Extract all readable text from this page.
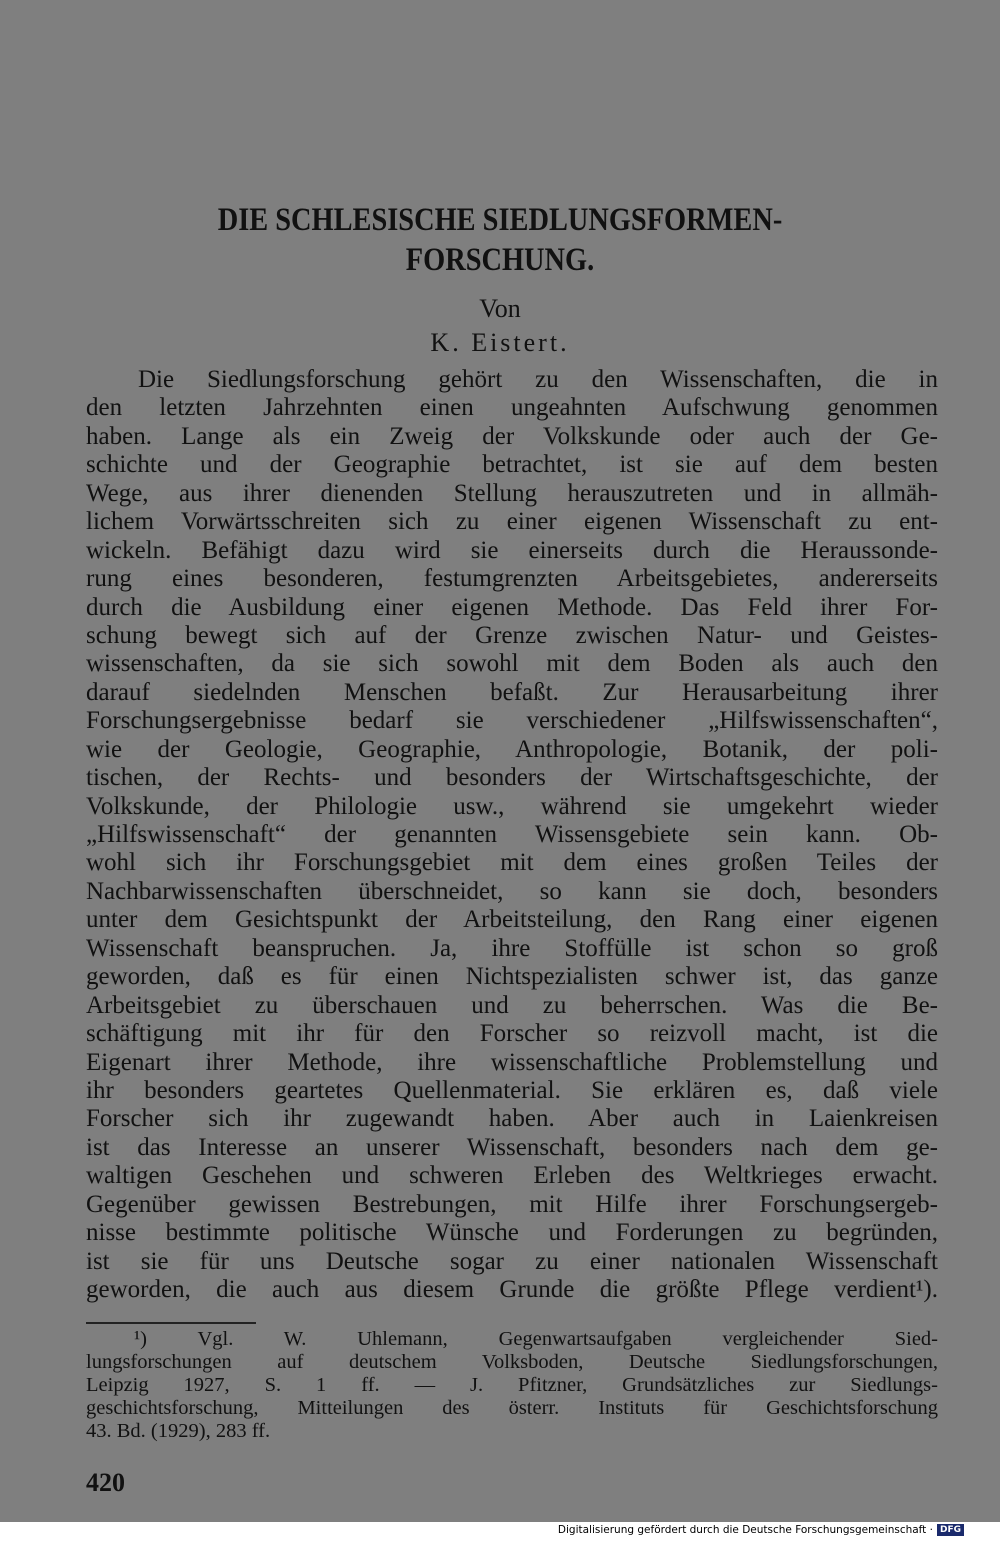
DIE SCHLESISCHE SIEDLUNGSFORMEN-
FORSCHUNG.
Von
K. Eistert.
Die Siedlungsforschung gehört zu den Wissenschaften, die in
den letzten Jahrzehnten einen ungeahnten Aufschwung genommen
haben. Lange als ein Zweig der Volkskunde oder auch der Ge-
schichte und der Geographie betrachtet, ist sie auf dem besten
Wege, aus ihrer dienenden Stellung herauszutreten und in allmäh-
lichem Vorwärtsschreiten sich zu einer eigenen Wissenschaft zu ent-
wickeln. Befähigt dazu wird sie einerseits durch die Heraussonde-
rung eines besonderen, festumgrenzten Arbeitsgebietes, andererseits
durch die Ausbildung einer eigenen Methode. Das Feld ihrer For-
schung bewegt sich auf der Grenze zwischen Natur- und Geistes-
wissenschaften, da sie sich sowohl mit dem Boden als auch den
darauf siedelnden Menschen befaßt. Zur Herausarbeitung ihrer
Forschungsergebnisse bedarf sie verschiedener „Hilfswissenschaften“,
wie der Geologie, Geographie, Anthropologie, Botanik, der poli-
tischen, der Rechts- und besonders der Wirtschaftsgeschichte, der
Volkskunde, der Philologie usw., während sie umgekehrt wieder
„Hilfswissenschaft“ der genannten Wissensgebiete sein kann. Ob-
wohl sich ihr Forschungsgebiet mit dem eines großen Teiles der
Nachbarwissenschaften überschneidet, so kann sie doch, besonders
unter dem Gesichtspunkt der Arbeitsteilung, den Rang einer eigenen
Wissenschaft beanspruchen. Ja, ihre Stoffülle ist schon so groß
geworden, daß es für einen Nichtspezialisten schwer ist, das ganze
Arbeitsgebiet zu überschauen und zu beherrschen. Was die Be-
schäftigung mit ihr für den Forscher so reizvoll macht, ist die
Eigenart ihrer Methode, ihre wissenschaftliche Problemstellung und
ihr besonders geartetes Quellenmaterial. Sie erklären es, daß viele
Forscher sich ihr zugewandt haben. Aber auch in Laienkreisen
ist das Interesse an unserer Wissenschaft, besonders nach dem ge-
waltigen Geschehen und schweren Erleben des Weltkrieges erwacht.
Gegenüber gewissen Bestrebungen, mit Hilfe ihrer Forschungsergeb-
nisse bestimmte politische Wünsche und Forderungen zu begründen,
ist sie für uns Deutsche sogar zu einer nationalen Wissenschaft
geworden, die auch aus diesem Grunde die größte Pflege verdient¹).
¹) Vgl. W. Uhlemann, Gegenwartsaufgaben vergleichender Sied-
lungsforschungen auf deutschem Volksboden, Deutsche Siedlungsforschungen,
Leipzig 1927, S. 1 ff. — J. Pfitzner, Grundsätzliches zur Siedlungs-
geschichtsforschung, Mitteilungen des österr. Instituts für Geschichtsforschung
43. Bd. (1929), 283 ff.
420
Digitalisierung gefördert durch die Deutsche Forschungsgemeinschaft · DFG
